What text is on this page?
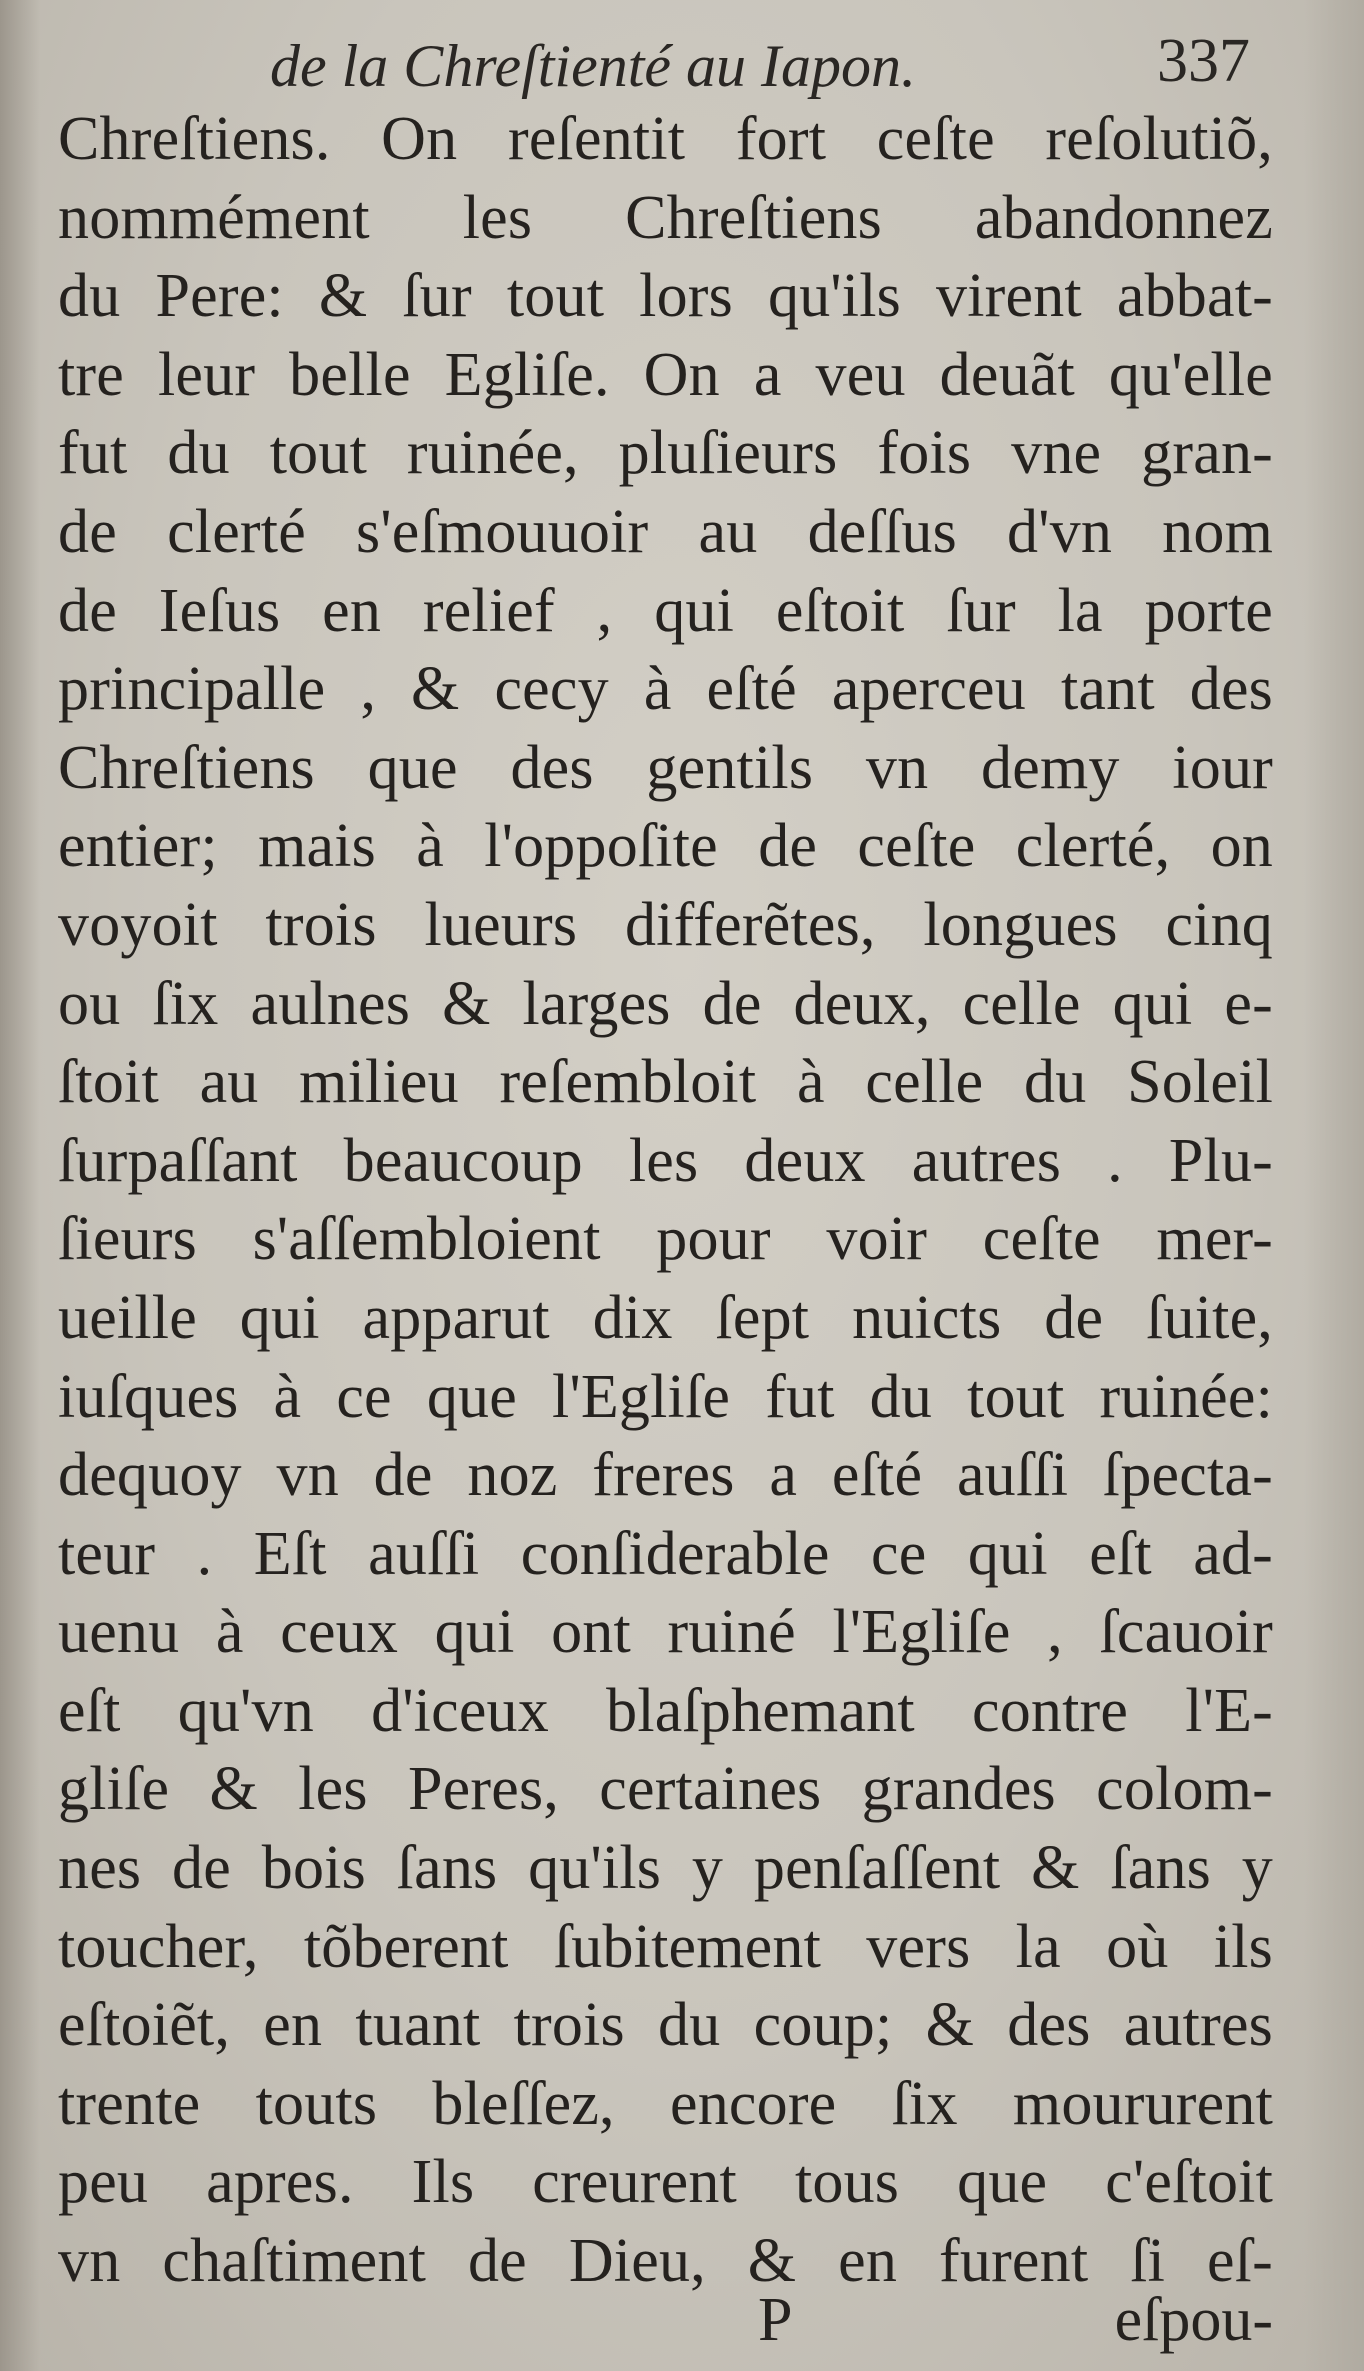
de la Chreſtienté au Iapon.	337
Chreſtiens. On reſentit fort ceſte reſolutiõ,
nommément les Chreſtiens abandonnez
du Pere: & ſur tout lors qu'ils virent abbat-
tre leur belle Egliſe. On a veu deuãt qu'elle
fut du tout ruinée, pluſieurs fois vne gran-
de clerté s'eſmouuoir au deſſus d'vn nom
de Ieſus en relief , qui eſtoit ſur la porte
principalle , & cecy à eſté aperceu tant des
Chreſtiens que des gentils vn demy iour
entier; mais à l'oppoſite de ceſte clerté, on
voyoit trois lueurs differẽtes, longues cinq
ou ſix aulnes & larges de deux, celle qui e-
ſtoit au milieu reſembloit à celle du Soleil
ſurpaſſant beaucoup les deux autres . Plu-
ſieurs s'aſſembloient pour voir ceſte mer-
ueille qui apparut dix ſept nuicts de ſuite,
iuſques à ce que l'Egliſe fut du tout ruinée:
dequoy vn de noz freres a eſté auſſi ſpecta-
teur . Eſt auſſi conſiderable ce qui eſt ad-
uenu à ceux qui ont ruiné l'Egliſe , ſcauoir
eſt qu'vn d'iceux blaſphemant contre l'E-
gliſe & les Peres, certaines grandes colom-
nes de bois ſans qu'ils y penſaſſent & ſans y
toucher, tõberent ſubitement vers la où ils
eſtoiẽt, en tuant trois du coup; & des autres
trente touts bleſſez, encore ſix moururent
peu apres. Ils creurent tous que c'eſtoit
vn chaſtiment de Dieu, & en furent ſi eſ-
P	eſpou-
